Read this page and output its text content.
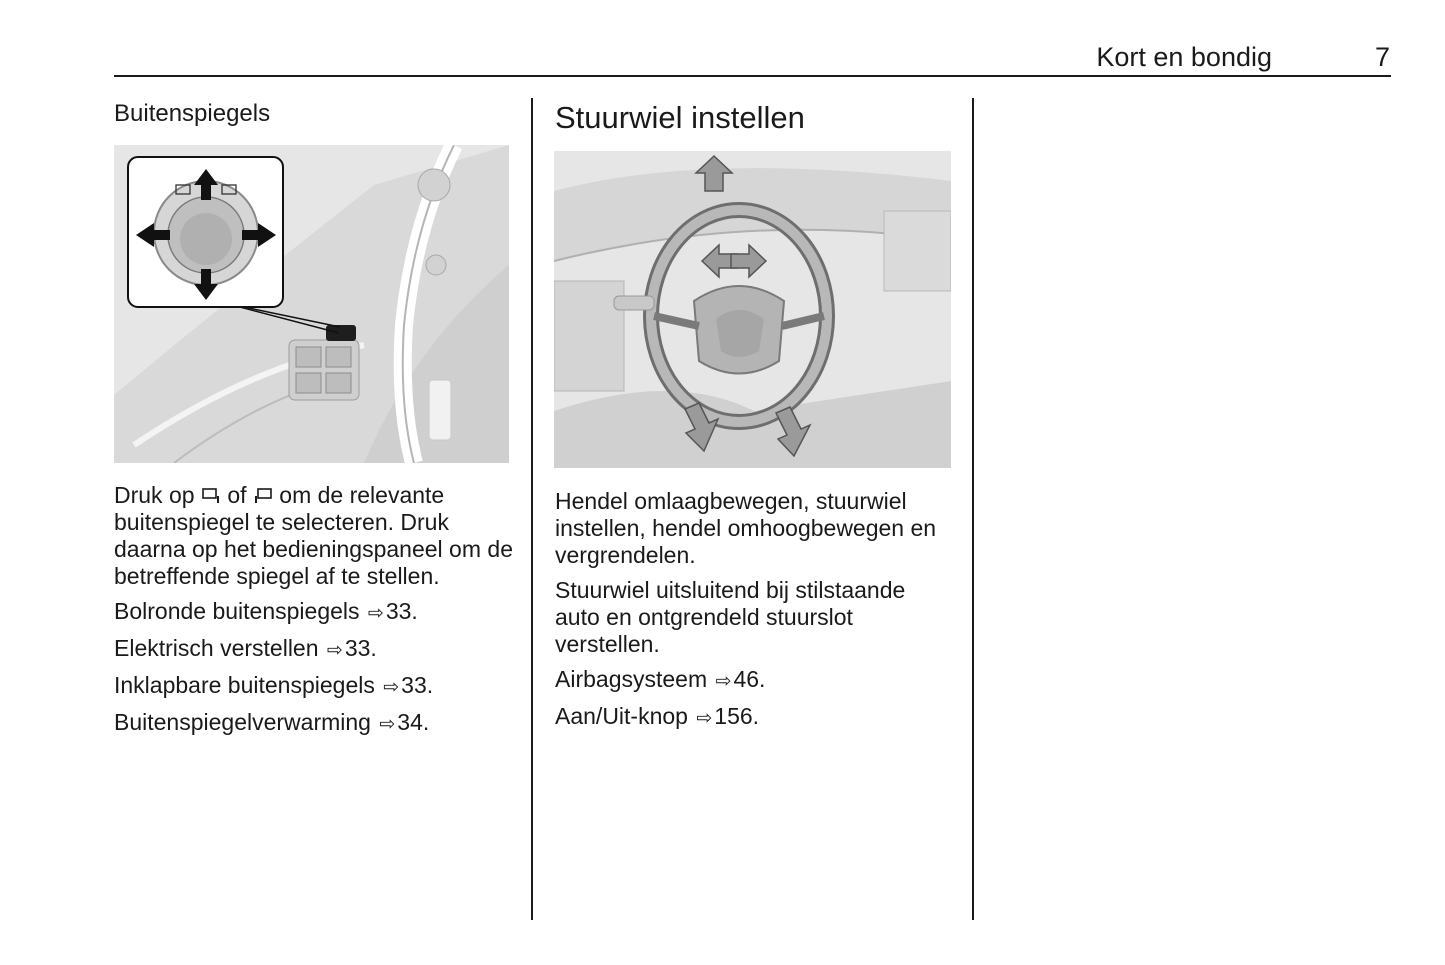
Kort en bondig	7
Buitenspiegels

Druk op of om de relevante buitenspiegel te selecteren. Druk daarna op het bedieningspaneel om de betreffende spiegel af te stellen.

Bolronde buitenspiegels ⇨33.

Elektrisch verstellen ⇨33.

Inklapbare buitenspiegels ⇨33.

Buitenspiegelverwarming ⇨34.

Stuurwiel instellen

Hendel omlaagbewegen, stuurwiel instellen, hendel omhoogbewegen en vergrendelen.

Stuurwiel uitsluitend bij stilstaande auto en ontgrendeld stuurslot verstellen.

Airbagsysteem ⇨46.

Aan/Uit-knop ⇨156.
